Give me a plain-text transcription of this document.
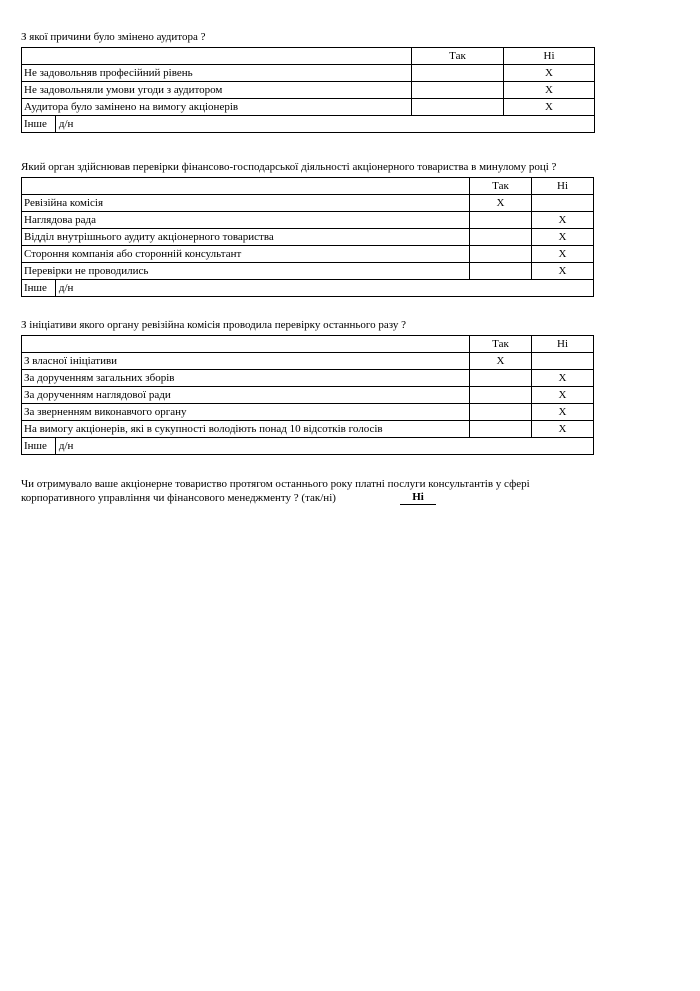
З якої причини було змінено аудитора ?
	Так	Ні
Не задовольняв професійний рівень		X
Не задовольняли умови угоди з аудитором		X
Аудитора було замінено на вимогу акціонерів		X
Інше д/н		
Який орган здійснював перевірки фінансово-господарської діяльності акціонерного товариства в минулому році ?
	Так	Ні
Ревізійна комісія	X	
Наглядова рада		X
Відділ внутрішнього аудиту акціонерного товариства		X
Стороння компанія або сторонній консультант		X
Перевірки не проводились		X
Інше д/н		
З ініціативи якого органу ревізійна комісія проводила перевірку останнього разу ?
	Так	Ні
З власної ініціативи	X	
За дорученням загальних зборів		X
За дорученням наглядової ради		X
За зверненням виконавчого органу		X
На вимогу акціонерів, які в сукупності володіють понад 10 відсотків голосів		X
Інше д/н		
Чи отримувало ваше акціонерне товариство протягом останнього року платні послуги консультантів у сфері
корпоративного управління чи фінансового менеджменту ? (так/ні)	Ні
